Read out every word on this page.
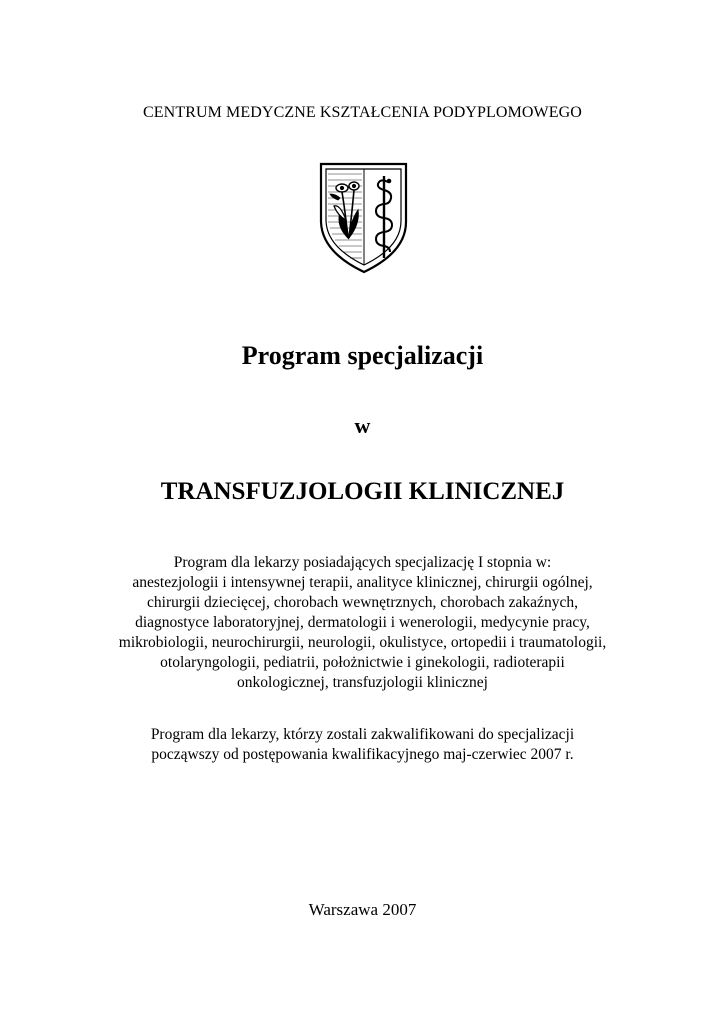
CENTRUM MEDYCZNE KSZTAŁCENIA PODYPLOMOWEGO
Program specjalizacji
w
TRANSFUZJOLOGII KLINICZNEJ
Program dla lekarzy posiadających specjalizację I stopnia w:
anestezjologii i intensywnej terapii, analityce klinicznej, chirurgii ogólnej,
chirurgii dziecięcej, chorobach wewnętrznych, chorobach zakaźnych,
diagnostyce laboratoryjnej, dermatologii i wenerologii, medycynie pracy,
mikrobiologii, neurochirurgii, neurologii, okulistyce, ortopedii i traumatologii,
otolaryngologii, pediatrii, położnictwie i ginekologii, radioterapii
onkologicznej, transfuzjologii klinicznej
Program dla lekarzy, którzy zostali zakwalifikowani do specjalizacji
począwszy od postępowania kwalifikacyjnego maj-czerwiec 2007 r.
Warszawa 2007
